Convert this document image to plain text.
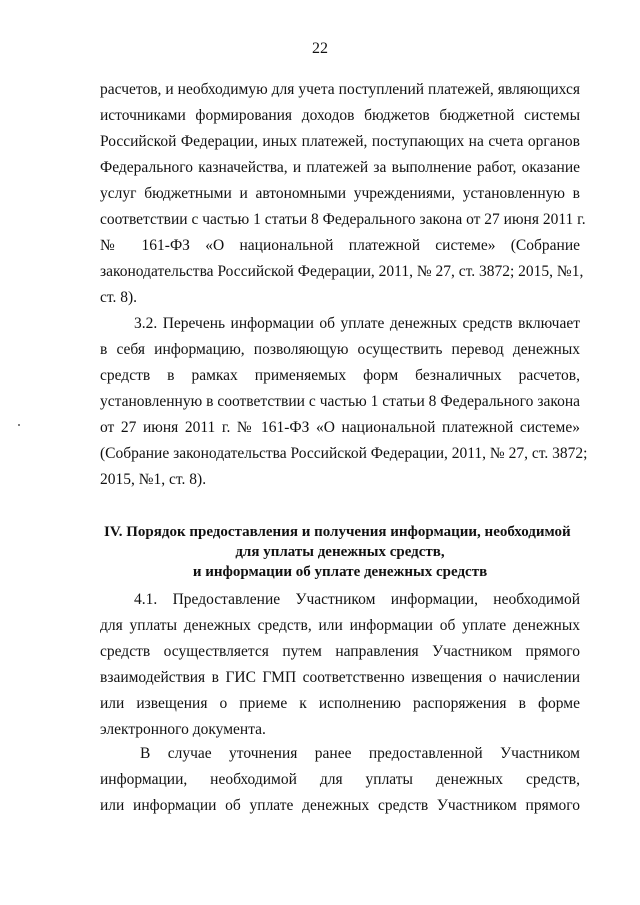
22
расчетов, и необходимую для учета поступлений платежей, являющихся
источниками формирования доходов бюджетов бюджетной системы
Российской Федерации, иных платежей, поступающих на счета органов
Федерального казначейства, и платежей за выполнение работ, оказание
услуг бюджетными и автономными учреждениями, установленную в
соответствии с частью 1 статьи 8 Федерального закона от 27 июня 2011 г.
№ 161-ФЗ «О национальной платежной системе» (Собрание
законодательства Российской Федерации, 2011, № 27, ст. 3872; 2015, №1,
ст. 8).
3.2. Перечень информации об уплате денежных средств включает
в себя информацию, позволяющую осуществить перевод денежных
средств в рамках применяемых форм безналичных расчетов,
установленную в соответствии с частью 1 статьи 8 Федерального закона
от 27 июня 2011 г. № 161-ФЗ «О национальной платежной системе»
(Собрание законодательства Российской Федерации, 2011, № 27, ст. 3872;
2015, №1, ст. 8).
IV. Порядок предоставления и получения информации, необходимой
для уплаты денежных средств,
и информации об уплате денежных средств
4.1. Предоставление Участником информации, необходимой
для уплаты денежных средств, или информации об уплате денежных
средств осуществляется путем направления Участником прямого
взаимодействия в ГИС ГМП соответственно извещения о начислении
или извещения о приеме к исполнению распоряжения в форме
электронного документа.
В случае уточнения ранее предоставленной Участником
информации, необходимой для уплаты денежных средств,
или информации об уплате денежных средств Участником прямого
